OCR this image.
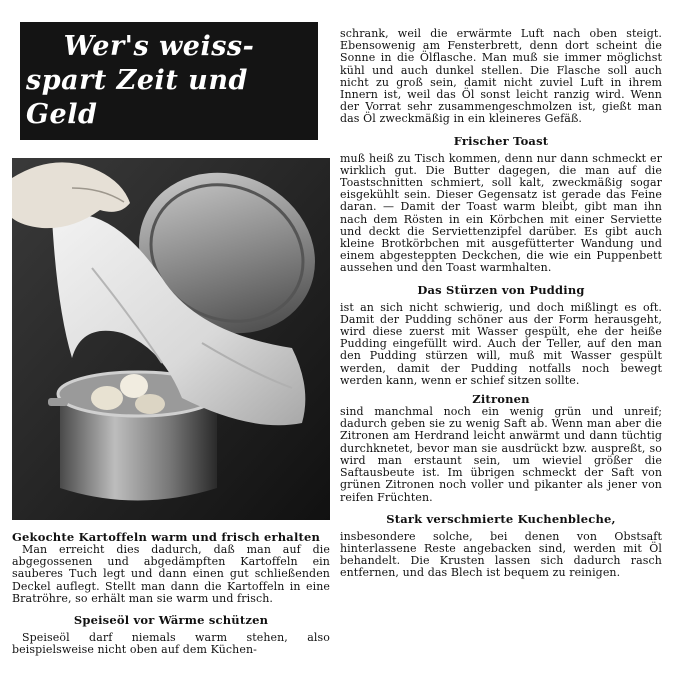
Wer's weiss-
spart Zeit und Geld
Gekochte Kartoffeln warm und frisch erhalten

Man erreicht dies dadurch, daß man auf die abgegossenen und abgedämpften Kartoffeln ein sauberes Tuch legt und dann einen gut schließenden Deckel auflegt. Stellt man dann die Kartoffeln in eine Bratröhre, so erhält man sie warm und frisch.

Speiseöl vor Wärme schützen

Speiseöl darf niemals warm stehen, also beispielsweise nicht oben auf dem Küchen-

schrank, weil die erwärmte Luft nach oben steigt. Ebensowenig am Fensterbrett, denn dort scheint die Sonne in die Ölflasche. Man muß sie immer möglichst kühl und auch dunkel stellen. Die Flasche soll auch nicht zu groß sein, damit nicht zuviel Luft in ihrem Innern ist, weil das Öl sonst leicht ranzig wird. Wenn der Vorrat sehr zusammengeschmolzen ist, gießt man das Öl zweckmäßig in ein kleineres Gefäß.

Frischer Toast

muß heiß zu Tisch kommen, denn nur dann schmeckt er wirklich gut. Die Butter dagegen, die man auf die Toastschnitten schmiert, soll kalt, zweckmäßig sogar eisgekühlt sein. Dieser Gegensatz ist gerade das Feine daran. — Damit der Toast warm bleibt, gibt man ihn nach dem Rösten in ein Körbchen mit einer Serviette und deckt die Serviettenzipfel darüber. Es gibt auch kleine Brotkörbchen mit ausgefütterter Wandung und einem abgesteppten Deckchen, die wie ein Puppenbett aussehen und den Toast warmhalten.

Das Stürzen von Pudding

ist an sich nicht schwierig, und doch mißlingt es oft. Damit der Pudding schöner aus der Form herausgeht, wird diese zuerst mit Wasser gespült, ehe der heiße Pudding eingefüllt wird. Auch der Teller, auf den man den Pudding stürzen will, muß mit Wasser gespült werden, damit der Pudding notfalls noch bewegt werden kann, wenn er schief sitzen sollte.

Zitronen

sind manchmal noch ein wenig grün und unreif; dadurch geben sie zu wenig Saft ab. Wenn man aber die Zitronen am Herdrand leicht anwärmt und dann tüchtig durchknetet, bevor man sie ausdrückt bzw. auspreßt, so wird man erstaunt sein, um wieviel größer die Saftausbeute ist. Im übrigen schmeckt der Saft von grünen Zitronen noch voller und pikanter als jener von reifen Früchten.

Stark verschmierte Kuchenbleche,

insbesondere solche, bei denen von Obstsaft hinterlassene Reste angebacken sind, werden mit Öl behandelt. Die Krusten lassen sich dadurch rasch entfernen, und das Blech ist bequem zu reinigen.
